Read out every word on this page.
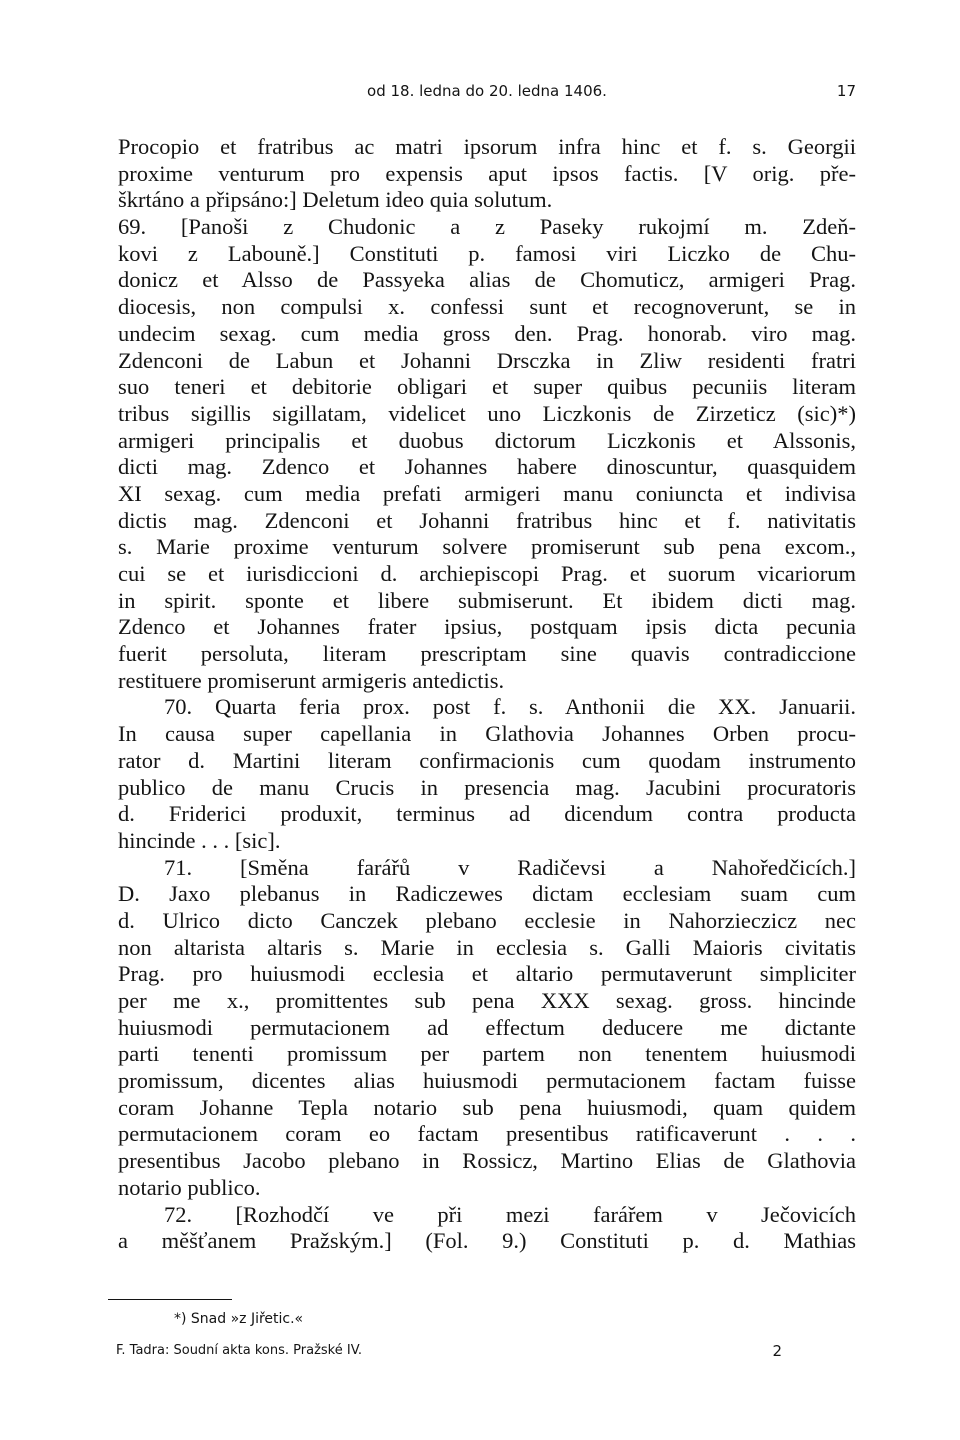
od 18. ledna do 20. ledna 1406.	17
Procopio et fratribus ac matri ipsorum infra hinc et f. s. Georgii
proxime venturum pro expensis aput ipsos factis. [V orig. pře-
škrtáno a připsáno:] Deletum ideo quia solutum.
69. [Panoši z Chudonic a z Paseky rukojmí m. Zdeň-
kovi z Labouně.] Constituti p. famosi viri Liczko de Chu-
donicz et Alsso de Passyeka alias de Chomuticz, armigeri Prag.
diocesis, non compulsi x. confessi sunt et recognoverunt, se in
undecim sexag. cum media gross den. Prag. honorab. viro mag.
Zdenconi de Labun et Johanni Drsczka in Zliw residenti fratri
suo teneri et debitorie obligari et super quibus pecuniis literam
tribus sigillis sigillatam, videlicet uno Liczkonis de Zirzeticz (sic)*)
armigeri principalis et duobus dictorum Liczkonis et Alssonis,
dicti mag. Zdenco et Johannes habere dinoscuntur, quasquidem
XI sexag. cum media prefati armigeri manu coniuncta et indivisa
dictis mag. Zdenconi et Johanni fratribus hinc et f. nativitatis
s. Marie proxime venturum solvere promiserunt sub pena excom.,
cui se et iurisdiccioni d. archiepiscopi Prag. et suorum vicariorum
in spirit. sponte et libere submiserunt. Et ibidem dicti mag.
Zdenco et Johannes frater ipsius, postquam ipsis dicta pecunia
fuerit persoluta, literam prescriptam sine quavis contradiccione
restituere promiserunt armigeris antedictis.
70. Quarta feria prox. post f. s. Anthonii die XX. Januarii.
In causa super capellania in Glathovia Johannes Orben procu-
rator d. Martini literam confirmacionis cum quodam instrumento
publico de manu Crucis in presencia mag. Jacubini procuratoris
d. Friderici produxit, terminus ad dicendum contra producta
hincinde . . . [sic].
71. [Směna farářů v Radičevsi a Nahoředčicích.]
D. Jaxo plebanus in Radiczewes dictam ecclesiam suam cum
d. Ulrico dicto Canczek plebano ecclesie in Nahorzieczicz nec
non altarista altaris s. Marie in ecclesia s. Galli Maioris civitatis
Prag. pro huiusmodi ecclesia et altario permutaverunt simpliciter
per me x., promittentes sub pena XXX sexag. gross. hincinde
huiusmodi permutacionem ad effectum deducere me dictante
parti tenenti promissum per partem non tenentem huiusmodi
promissum, dicentes alias huiusmodi permutacionem factam fuisse
coram Johanne Tepla notario sub pena huiusmodi, quam quidem
permutacionem coram eo factam presentibus ratificaverunt . . .
presentibus Jacobo plebano in Rossicz, Martino Elias de Glathovia
notario publico.
72. [Rozhodčí ve při mezi farářem v Ječovicích
a měšťanem Pražským.] (Fol. 9.) Constituti p. d. Mathias
*) Snad »z Jiřetic.«
F. Tadra: Soudní akta kons. Pražské IV.	2
